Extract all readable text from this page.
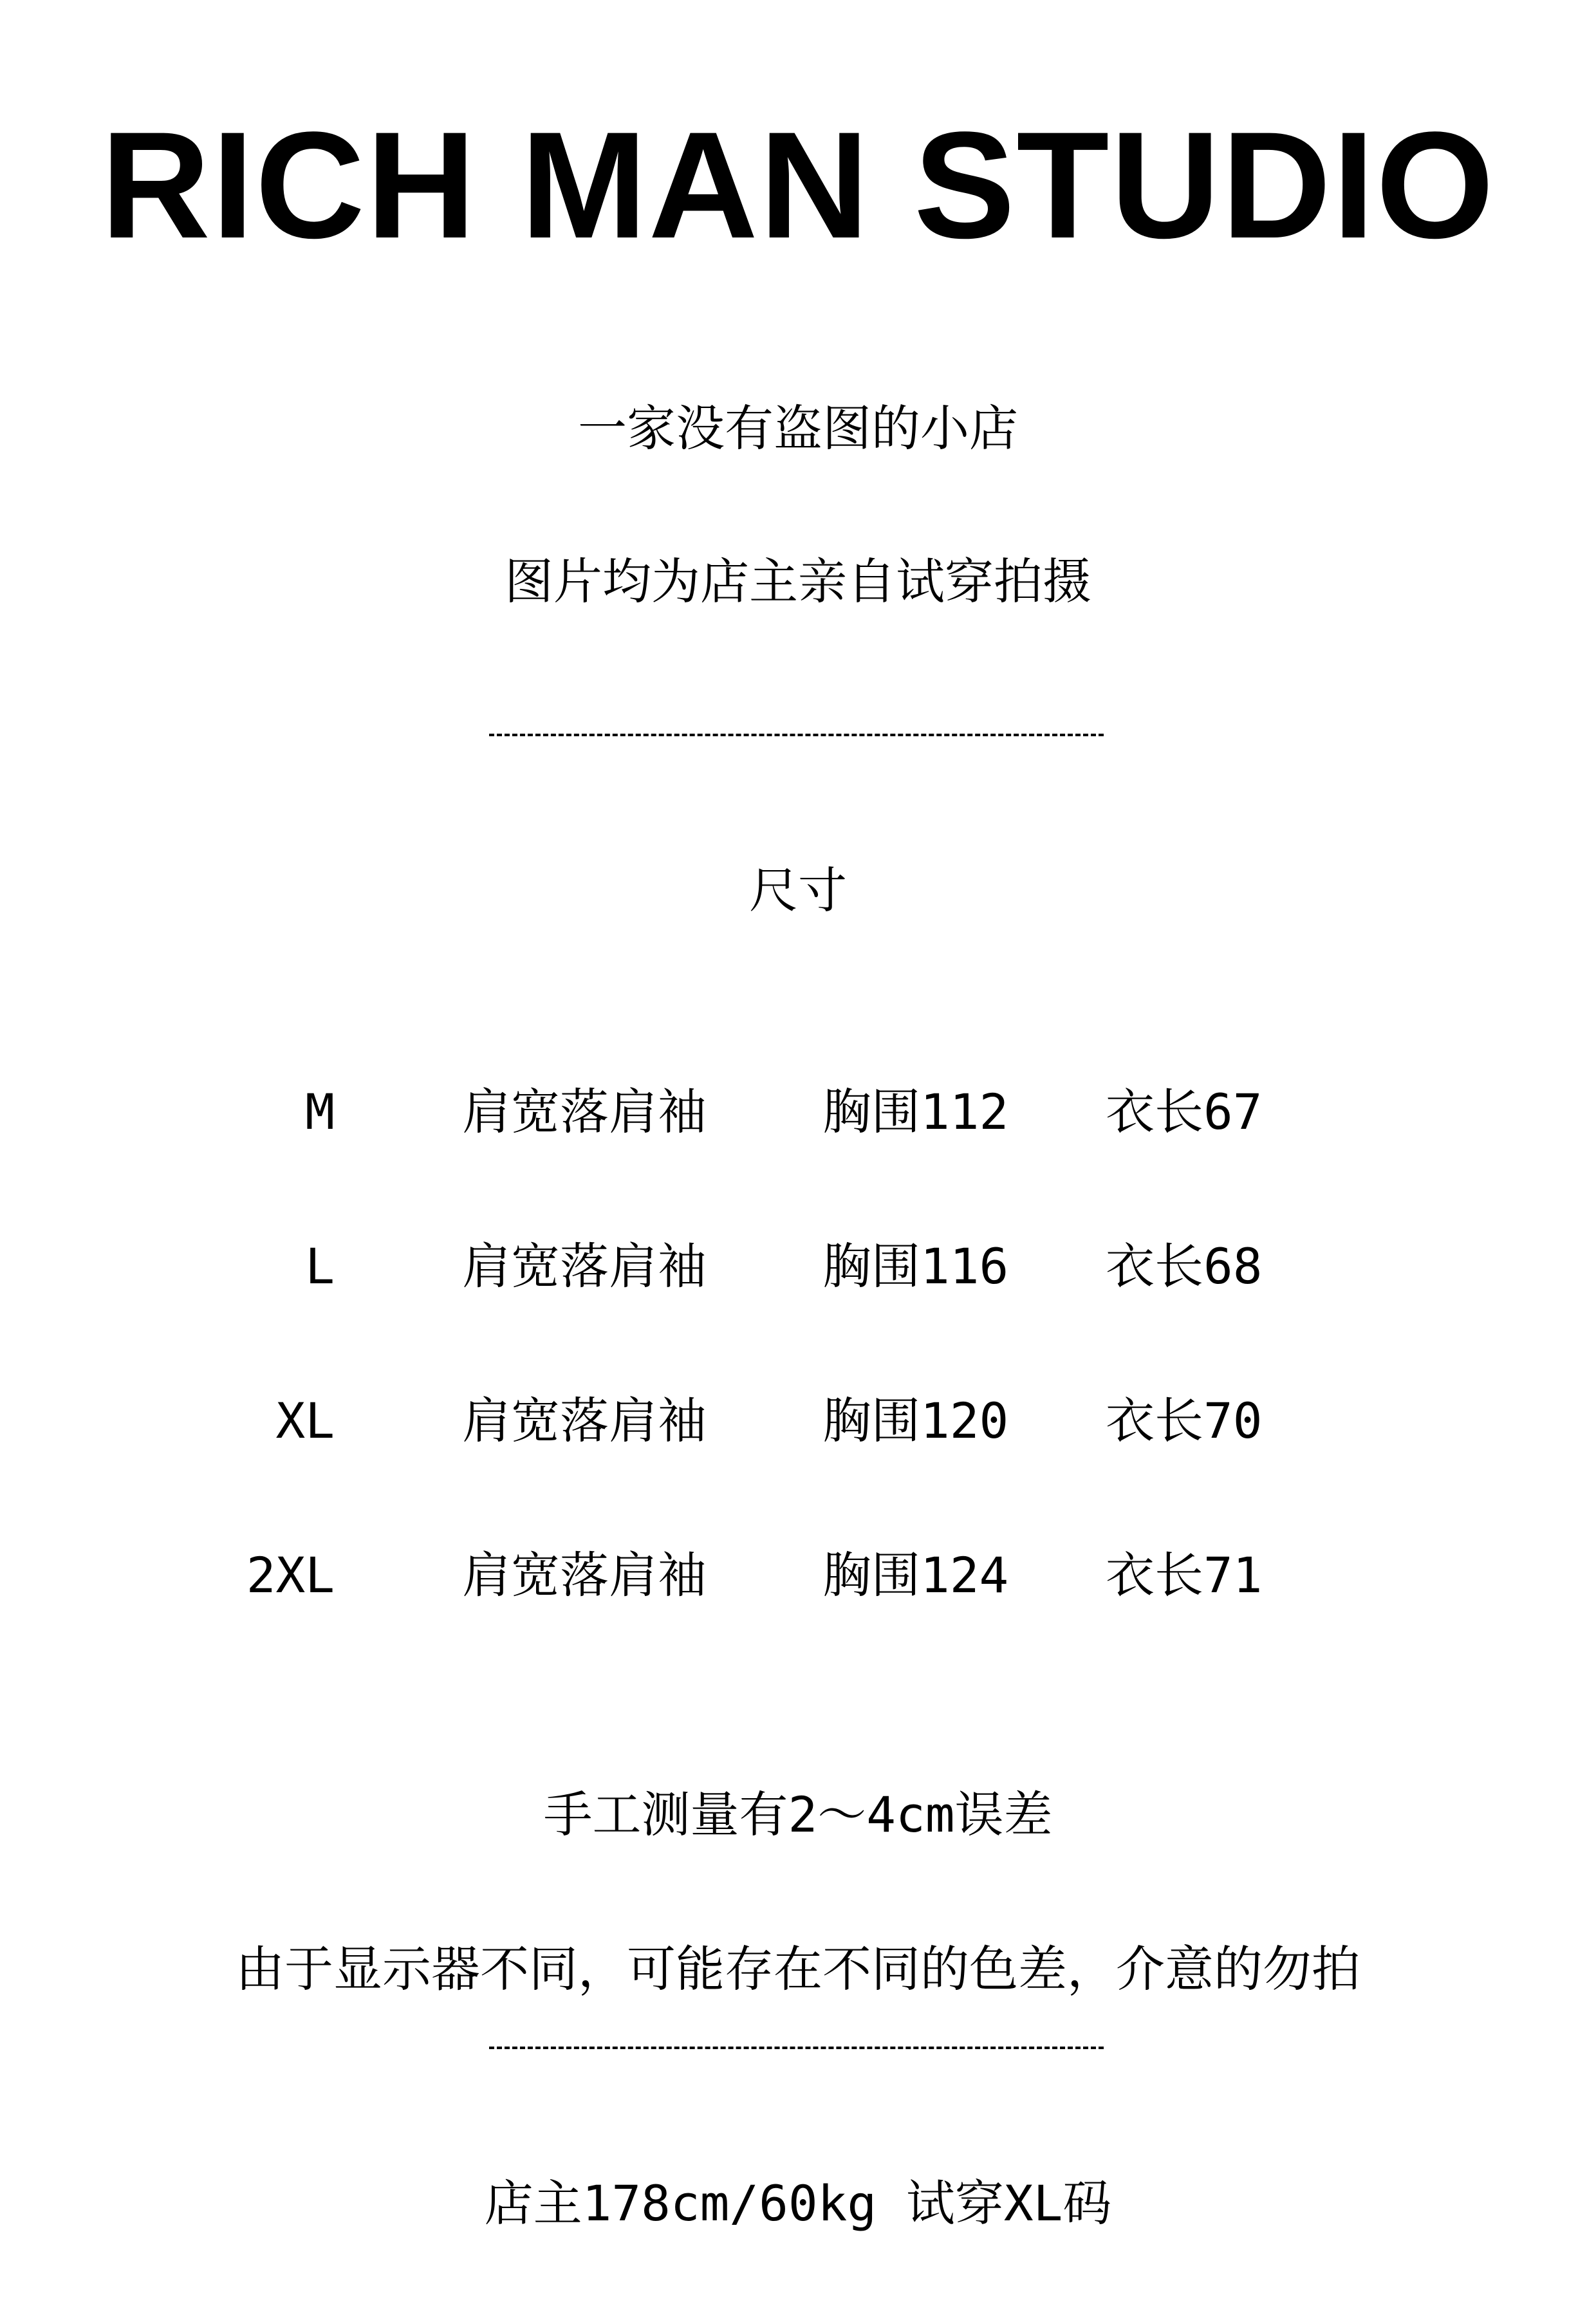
RICH MAN STUDIO
一家没有盗图的小店
图片均为店主亲自试穿拍摄
尺寸
M	肩宽落肩袖 胸围112 衣长67
L	肩宽落肩袖 胸围116 衣长68
XL	肩宽落肩袖 胸围120 衣长70
2XL	肩宽落肩袖 胸围124 衣长71
手工测量有2～4cm误差
由于显示器不同，可能存在不同的色差，介意的勿拍
店主178cm/60kg 试穿XL码
